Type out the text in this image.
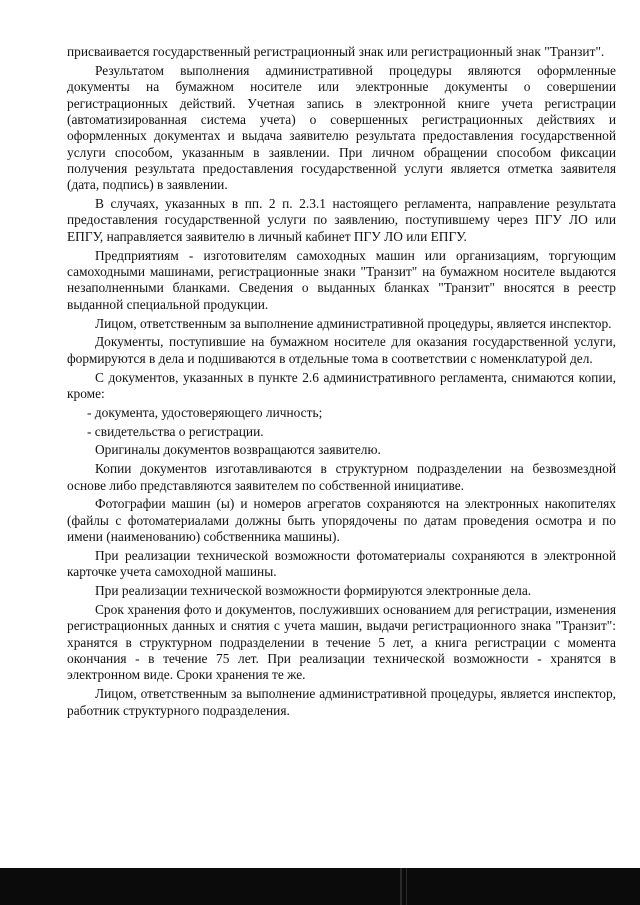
присваивается государственный регистрационный знак или регистрационный знак "Транзит".

Результатом выполнения административной процедуры являются оформленные документы на бумажном носителе или электронные документы о совершении регистрационных действий. Учетная запись в электронной книге учета регистрации (автоматизированная система учета) о совершенных регистрационных действиях и оформленных документах и выдача заявителю результата предоставления государственной услуги способом, указанным в заявлении. При личном обращении способом фиксации получения результата предоставления государственной услуги является отметка заявителя (дата, подпись) в заявлении.

В случаях, указанных в пп. 2 п. 2.3.1 настоящего регламента, направление результата предоставления государственной услуги по заявлению, поступившему через ПГУ ЛО или ЕПГУ, направляется заявителю в личный кабинет ПГУ ЛО или ЕПГУ.

Предприятиям - изготовителям самоходных машин или организациям, торгующим самоходными машинами, регистрационные знаки "Транзит" на бумажном носителе выдаются незаполненными бланками. Сведения о выданных бланках "Транзит" вносятся в реестр выданной специальной продукции.

Лицом, ответственным за выполнение административной процедуры, является инспектор.

Документы, поступившие на бумажном носителе для оказания государственной услуги, формируются в дела и подшиваются в отдельные тома в соответствии с номенклатурой дел.

С документов, указанных в пункте 2.6 административного регламента, снимаются копии, кроме:

- документа, удостоверяющего личность;

- свидетельства о регистрации.

Оригиналы документов возвращаются заявителю.

Копии документов изготавливаются в структурном подразделении на безвозмездной основе либо представляются заявителем по собственной инициативе.

Фотографии машин (ы) и номеров агрегатов сохраняются на электронных накопителях (файлы с фотоматериалами должны быть упорядочены по датам проведения осмотра и по имени (наименованию) собственника машины).

При реализации технической возможности фотоматериалы сохраняются в электронной карточке учета самоходной машины.

При реализации технической возможности формируются электронные дела.

Срок хранения фото и документов, послуживших основанием для регистрации, изменения регистрационных данных и снятия с учета машин, выдачи регистрационного знака "Транзит": хранятся в структурном подразделении в течение 5 лет, а книга регистрации с момента окончания - в течение 75 лет. При реализации технической возможности - хранятся в электронном виде. Сроки хранения те же.

Лицом, ответственным за выполнение административной процедуры, является инспектор, работник структурного подразделения.
